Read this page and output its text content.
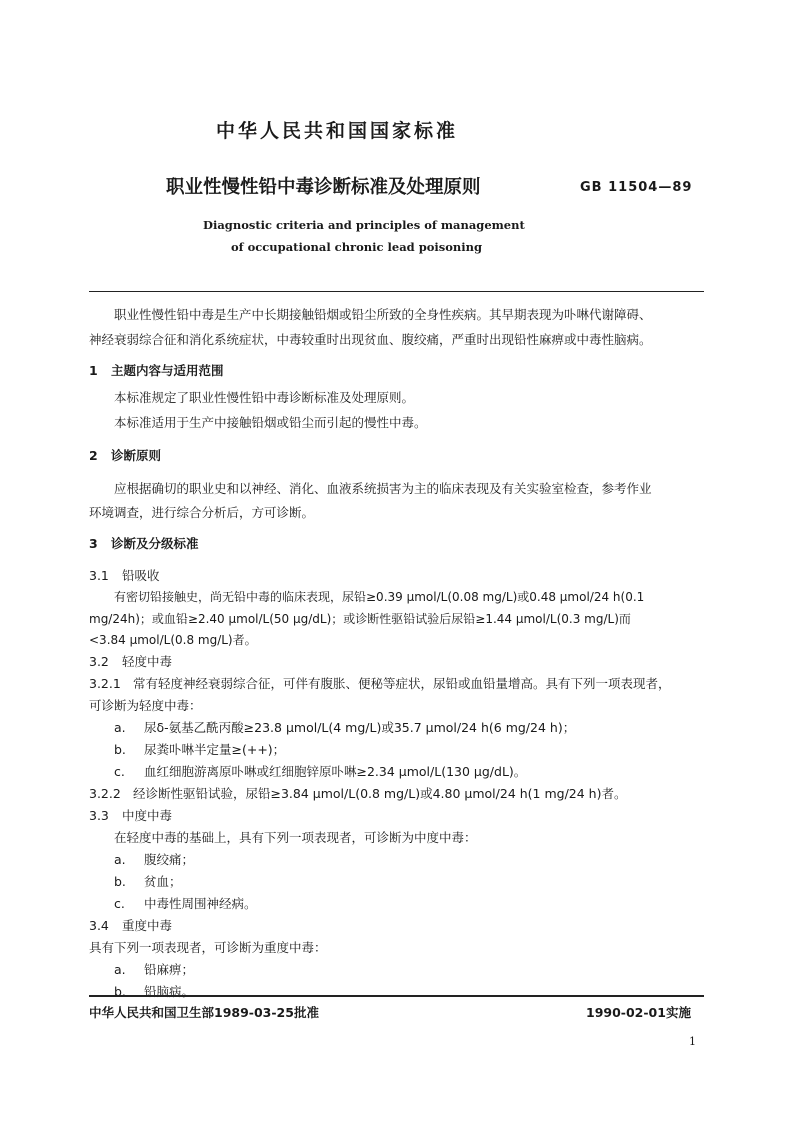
中华人民共和国国家标准
职业性慢性铅中毒诊断标准及处理原则	GB 11504—89
Diagnostic criteria and principles of management
of occupational chronic lead poisoning
职业性慢性铅中毒是生产中长期接触铅烟或铅尘所致的全身性疾病。其早期表现为卟啉代谢障碍、
神经衰弱综合征和消化系统症状，中毒较重时出现贫血、腹绞痛，严重时出现铅性麻痹或中毒性脑病。
1 主题内容与适用范围
本标准规定了职业性慢性铅中毒诊断标准及处理原则。
本标准适用于生产中接触铅烟或铅尘而引起的慢性中毒。
2 诊断原则
应根据确切的职业史和以神经、消化、血液系统损害为主的临床表现及有关实验室检查，参考作业
环境调查，进行综合分析后，方可诊断。
3 诊断及分级标准
3.1 铅吸收
有密切铅接触史，尚无铅中毒的临床表现，尿铅≥0.39 μmol/L(0.08 mg/L)或0.48 μmol/24 h(0.1
mg/24h)；或血铅≥2.40 μmol/L(50 μg/dL)；或诊断性驱铅试验后尿铅≥1.44 μmol/L(0.3 mg/L)而
<3.84 μmol/L(0.8 mg/L)者。
3.2 轻度中毒
3.2.1 常有轻度神经衰弱综合征，可伴有腹胀、便秘等症状，尿铅或血铅量增高。具有下列一项表现者，
可诊断为轻度中毒：
a. 尿δ-氨基乙酰丙酸≥23.8 μmol/L(4 mg/L)或35.7 μmol/24 h(6 mg/24 h)；
b. 尿粪卟啉半定量≥(++)；
c. 血红细胞游离原卟啉或红细胞锌原卟啉≥2.34 μmol/L(130 μg/dL)。
3.2.2 经诊断性驱铅试验，尿铅≥3.84 μmol/L(0.8 mg/L)或4.80 μmol/24 h(1 mg/24 h)者。
3.3 中度中毒
在轻度中毒的基础上，具有下列一项表现者，可诊断为中度中毒：
a. 腹绞痛；
b. 贫血；
c. 中毒性周围神经病。
3.4 重度中毒
具有下列一项表现者，可诊断为重度中毒：
a. 铅麻痹；
b. 铅脑病。
中华人民共和国卫生部1989-03-25批准	1990-02-01实施
1
